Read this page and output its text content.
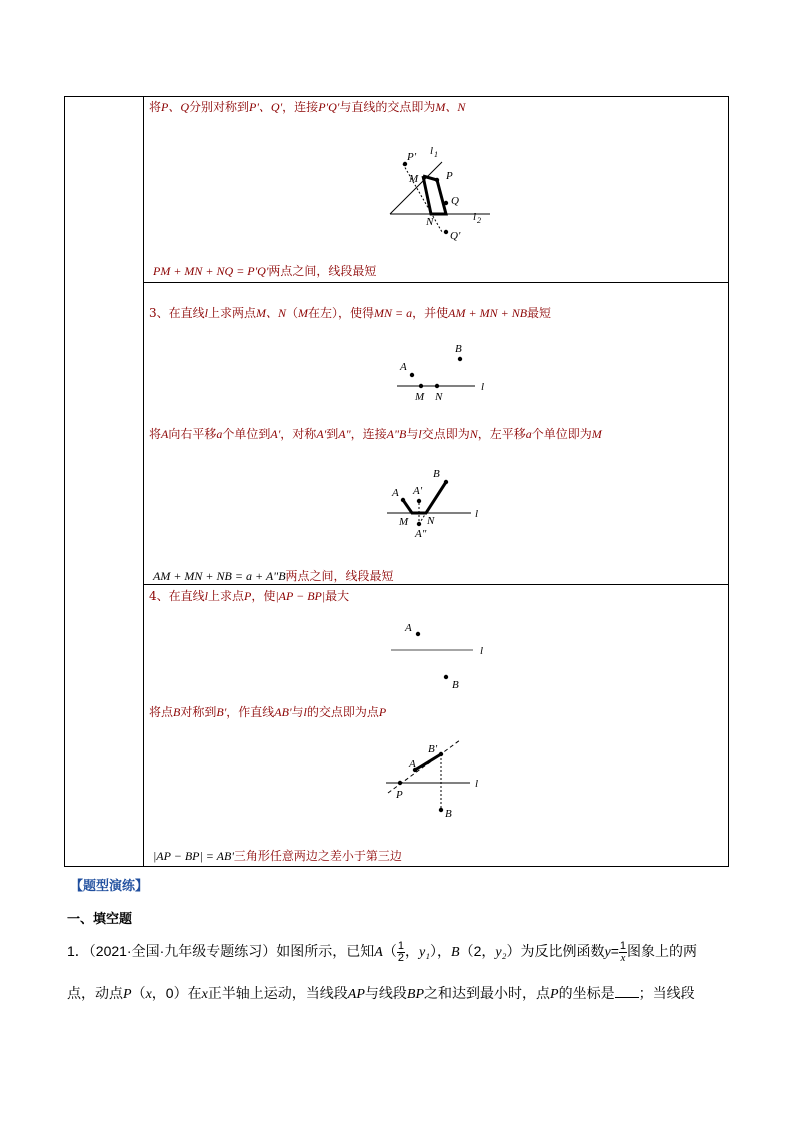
将P、Q分别对称到P'、Q'，连接P'Q'与直线的交点即为M、N
P' l 1
M	P
Q
N	l 2
Q'
PM + MN + NQ = P'Q'两点之间，线段最短
3、在直线l上求两点M、N（M在左），使得MN = a，并使AM + MN + NB最短
A
B
M N
l
将A向右平移a个单位到A'，对称A'到A"，连接A"B与l交点即为N，左平移a个单位即为M
B
A A'
M N
A"
l
AM + MN + NB = a + A"B两点之间，线段最短
4、在直线l上求点P，使|AP − BP|最大
A
l
B
将点B对称到B'，作直线AB'与l的交点即为点P
B'
A
l
P
B
|AP − BP| = AB'三角形任意两边之差小于第三边
【题型演练】
一、填空题
1．（2021·全国·九年级专题练习）如图所示，已知$A( \frac{1}{2}$ ，y₁），B（2，y₂）为反比例函数$y= \frac{1}{x}$ 图象上的两
点，动点P（x，0）在x正半轴上运动，当线段AP与线段BP之和达到最小时，点P的坐标是 ；当线段
